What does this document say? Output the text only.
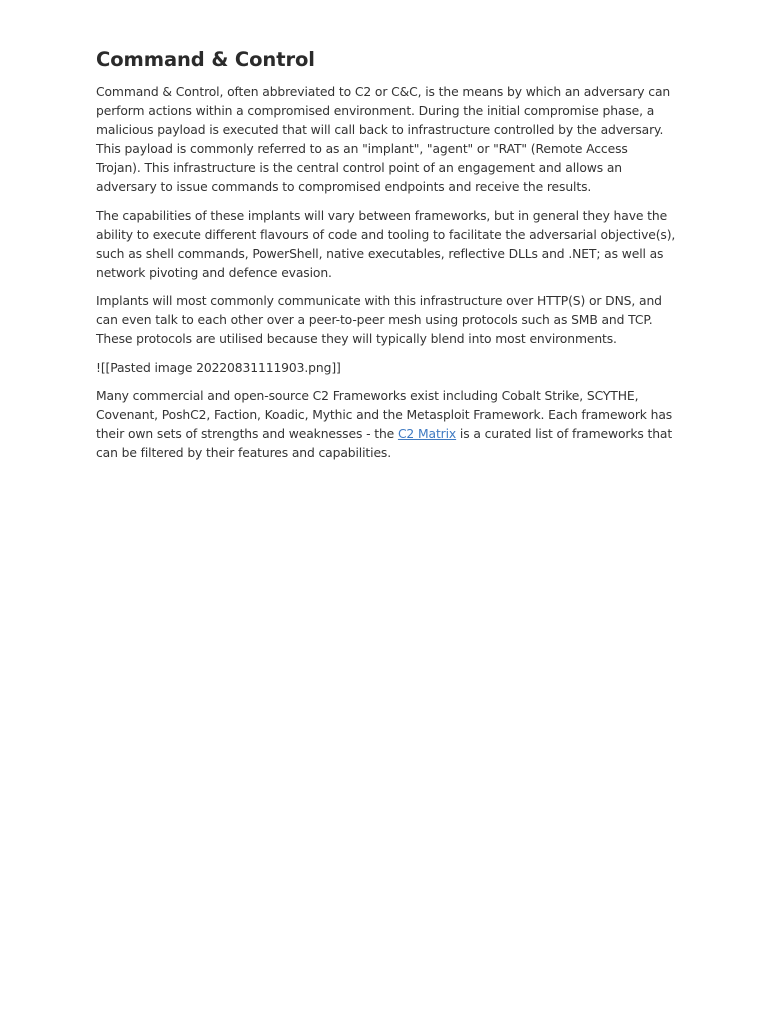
Command & Control

Command & Control, often abbreviated to C2 or C&C, is the means by which an adversary can perform actions within a compromised environment. During the initial compromise phase, a malicious payload is executed that will call back to infrastructure controlled by the adversary. This payload is commonly referred to as an "implant", "agent" or "RAT" (Remote Access Trojan). This infrastructure is the central control point of an engagement and allows an adversary to issue commands to compromised endpoints and receive the results.

The capabilities of these implants will vary between frameworks, but in general they have the ability to execute different flavours of code and tooling to facilitate the adversarial objective(s), such as shell commands, PowerShell, native executables, reflective DLLs and .NET; as well as network pivoting and defence evasion.

Implants will most commonly communicate with this infrastructure over HTTP(S) or DNS, and can even talk to each other over a peer-to-peer mesh using protocols such as SMB and TCP. These protocols are utilised because they will typically blend into most environments.

![[Pasted image 20220831111903.png]]

Many commercial and open-source C2 Frameworks exist including Cobalt Strike, SCYTHE, Covenant, PoshC2, Faction, Koadic, Mythic and the Metasploit Framework. Each framework has their own sets of strengths and weaknesses - the C2 Matrix is a curated list of frameworks that can be filtered by their features and capabilities.
